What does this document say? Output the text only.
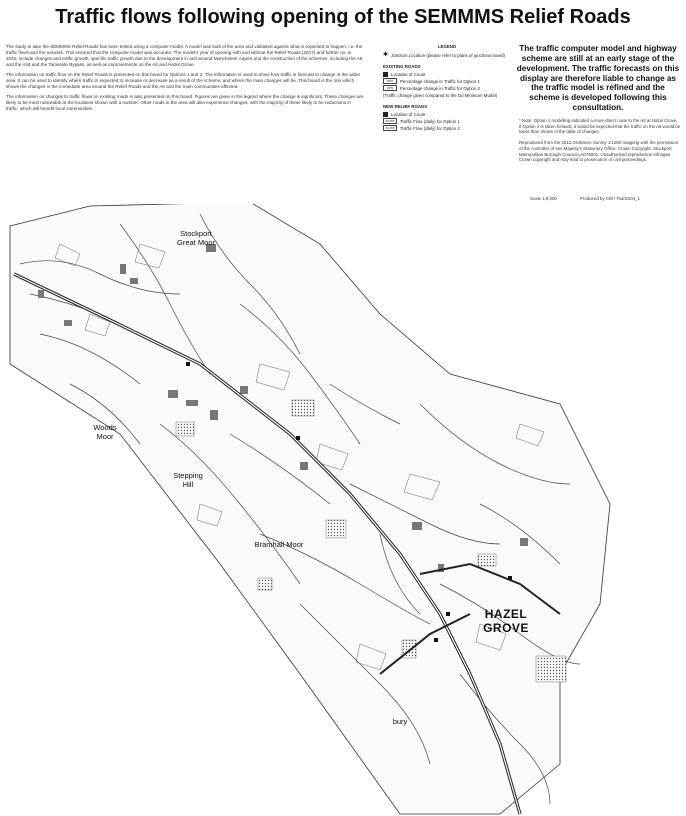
Traffic flows following opening of the SEMMMS Relief Roads

The study to take the SEMMMS Relief Roads has been tested using a computer model. A model was built of the area and validated against what is expected to happen, i.e. the traffic flows and the network. This ensured that the computer model was accurate. The model's year of opening with and without the Relief Roads (2017) and further on, in 2032, include changes and traffic growth, specific traffic growth due to the development in and around Manchester Airport and the construction of the schemes, including the A6 and the A34 and the Tameside Bypass, as well as improvements on the A6 and Hazel Grove.

The information on traffic flow on the Relief Roads is presented on this board for Options 1 and 2. The information is used to show how traffic is forecast to change in the wider area. It can be used to identify where traffic is expected to increase or decrease as a result of the scheme, and where the main changes will be. This board is the one which shows the changes in the immediate area around the Relief Roads and the A6 and the main communities affected.

The information on changes to traffic flows on existing roads is also presented on this board. Figures are given in the legend where the change is significant. These changes are likely to be most noticeable at the locations shown with a number. Other roads in the area will also experience changes, with the majority of these likely to be reductions in traffic, which will benefit local communities.

LEGEND
✱ Junction Location (please refer to plans of junctions board)
EXISTING ROADS
Location of Count
xx%	Percentage change in Traffic for Option 1
xx%	Percentage change in Traffic for Option 2
(Traffic change given compared to the Do Minimum Model)
NEW RELIEF ROADS
Location of Count
xx,xxx	Traffic Flow (daily) for Option 1
xx,xxx	Traffic Flow (daily) for Option 2
The traffic computer model and highway scheme are still at an early stage of the development. The traffic forecasts on this display are therefore liable to change as the traffic model is refined and the scheme is developed following this consultation.

* Note: Option 1 modelling indicated a more direct route to the A6 at Hazel Grove. If Option 2 is taken forward, it would be expected that the traffic on the A6 would be lower than shown in the table of changes.

Reproduced from the 2012 Ordnance Survey 1:1250 mapping with the permission of the controller of Her Majesty's Stationery Office. Crown Copyright. Stockport Metropolitan Borough Council LA076001. Unauthorised reproduction infringes Crown copyright and may lead to prosecution or civil proceedings.

Scale 1:9,000	Produced by CM / Tsu/SS04_1
Stockport Great Moor
Woods Moor
Stepping Hill
Bramhall Moor
HAZEL GROVE
bury
